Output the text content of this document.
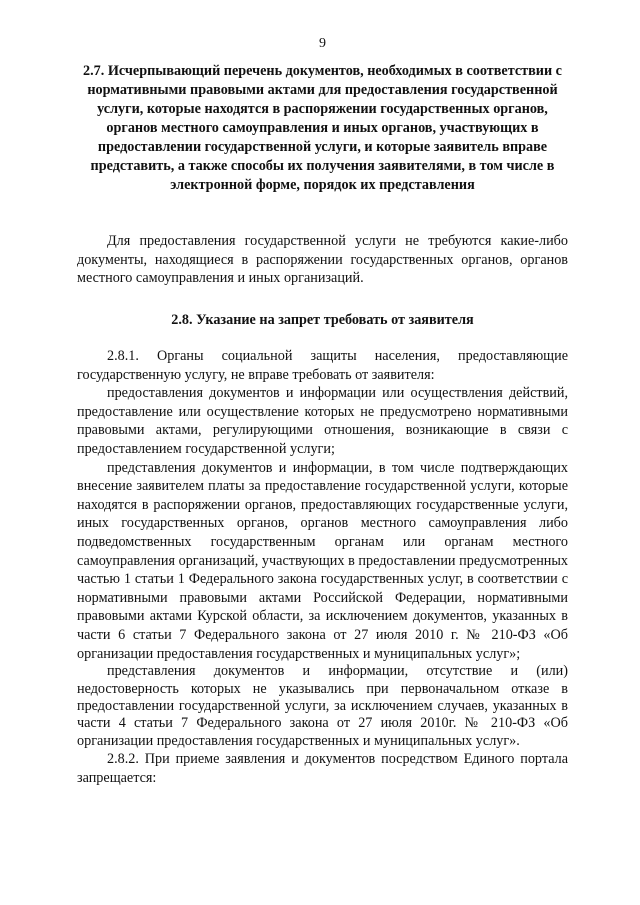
9
2.7. Исчерпывающий перечень документов, необходимых в соответствии с нормативными правовыми актами для предоставления государственной услуги, которые находятся в распоряжении государственных органов, органов местного самоуправления и иных органов, участвующих в предоставлении государственной услуги, и которые заявитель вправе представить, а также способы их получения заявителями, в том числе в электронной форме, порядок их представления

Для предоставления государственной услуги не требуются какие-либо документы, находящиеся в распоряжении государственных органов, органов местного самоуправления и иных организаций.

2.8. Указание на запрет требовать от заявителя

2.8.1. Органы социальной защиты населения, предоставляющие государственную услугу, не вправе требовать от заявителя:

предоставления документов и информации или осуществления действий, предоставление или осуществление которых не предусмотрено нормативными правовыми актами, регулирующими отношения, возникающие в связи с предоставлением государственной услуги;

представления документов и информации, в том числе подтверждающих внесение заявителем платы за предоставление государственной услуги, которые находятся в распоряжении органов, предоставляющих государственные услуги, иных государственных органов, органов местного самоуправления либо подведомственных государственным органам или органам местного самоуправления организаций, участвующих в предоставлении предусмотренных частью 1 статьи 1 Федерального закона государственных услуг, в соответствии с нормативными правовыми актами Российской Федерации, нормативными правовыми актами Курской области, за исключением документов, указанных в части 6 статьи 7 Федерального закона от 27 июля 2010 г. № 210-ФЗ «Об организации предоставления государственных и муниципальных услуг»;

представления документов и информации, отсутствие и (или) недостоверность которых не указывались при первоначальном отказе в предоставлении государственной услуги, за исключением случаев, указанных в части 4 статьи 7 Федерального закона от 27 июля 2010г. № 210-ФЗ «Об организации предоставления государственных и муниципальных услуг».

2.8.2. При приеме заявления и документов посредством Единого портала запрещается:
